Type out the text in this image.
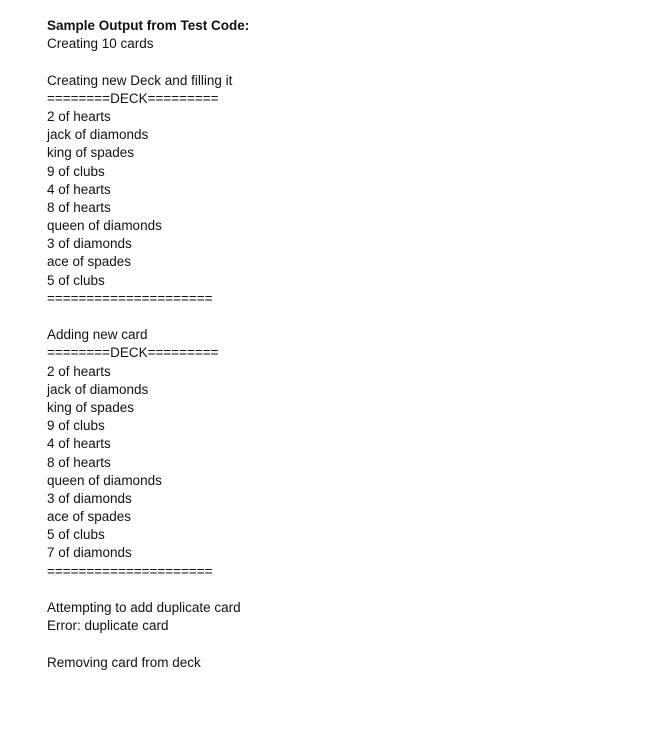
Sample Output from Test Code:
Creating 10 cards
Creating new Deck and filling it
========DECK=========
2 of hearts
jack of diamonds
king of spades
9 of clubs
4 of hearts
8 of hearts
queen of diamonds
3 of diamonds
ace of spades
5 of clubs
=====================
Adding new card
========DECK=========
2 of hearts
jack of diamonds
king of spades
9 of clubs
4 of hearts
8 of hearts
queen of diamonds
3 of diamonds
ace of spades
5 of clubs
7 of diamonds
=====================
Attempting to add duplicate card
Error: duplicate card
Removing card from deck
